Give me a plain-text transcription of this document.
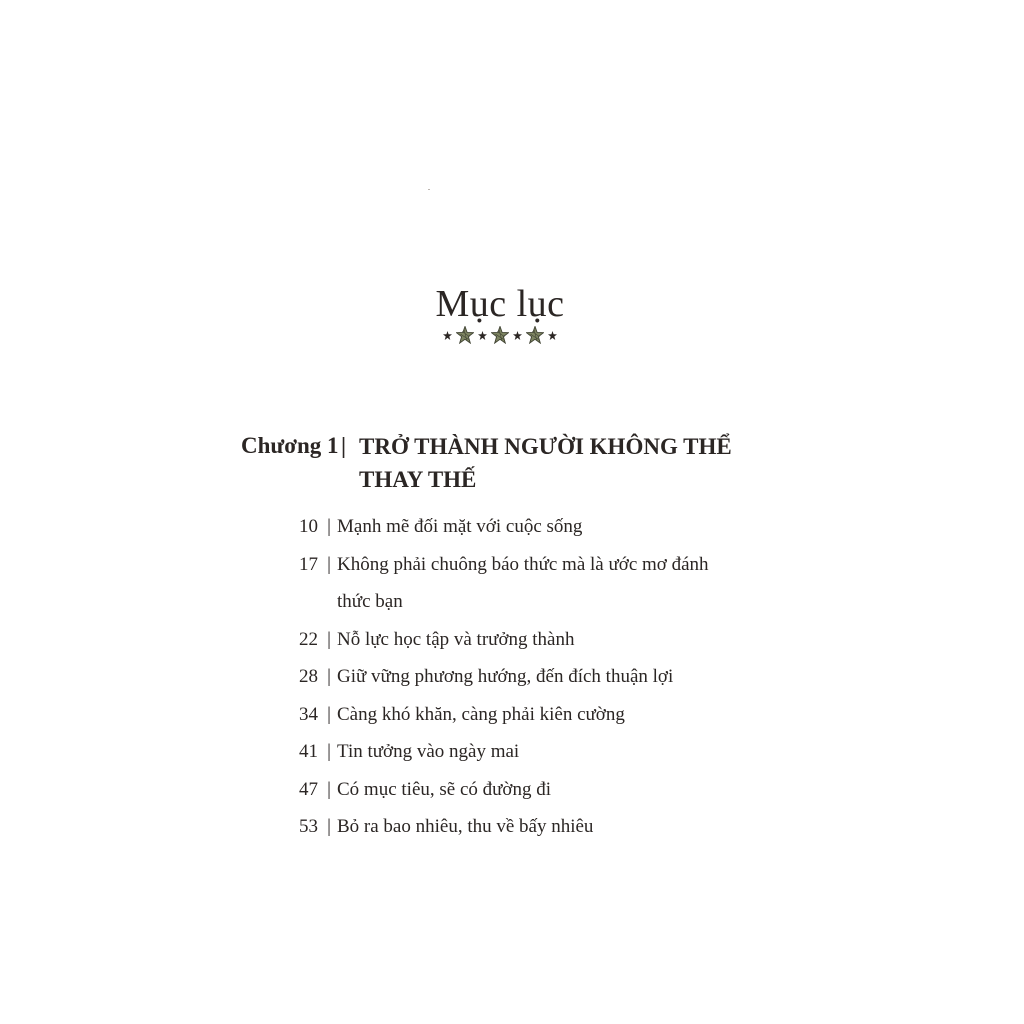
Mục lục
Chương 1 | TRỞ THÀNH NGƯỜI KHÔNG THỂ THAY THẾ
10 | Mạnh mẽ đối mặt với cuộc sống
17 | Không phải chuông báo thức mà là ước mơ đánh thức bạn
22 | Nỗ lực học tập và trưởng thành
28 | Giữ vững phương hướng, đến đích thuận lợi
34 | Càng khó khăn, càng phải kiên cường
41 | Tin tưởng vào ngày mai
47 | Có mục tiêu, sẽ có đường đi
53 | Bỏ ra bao nhiêu, thu về bấy nhiêu
